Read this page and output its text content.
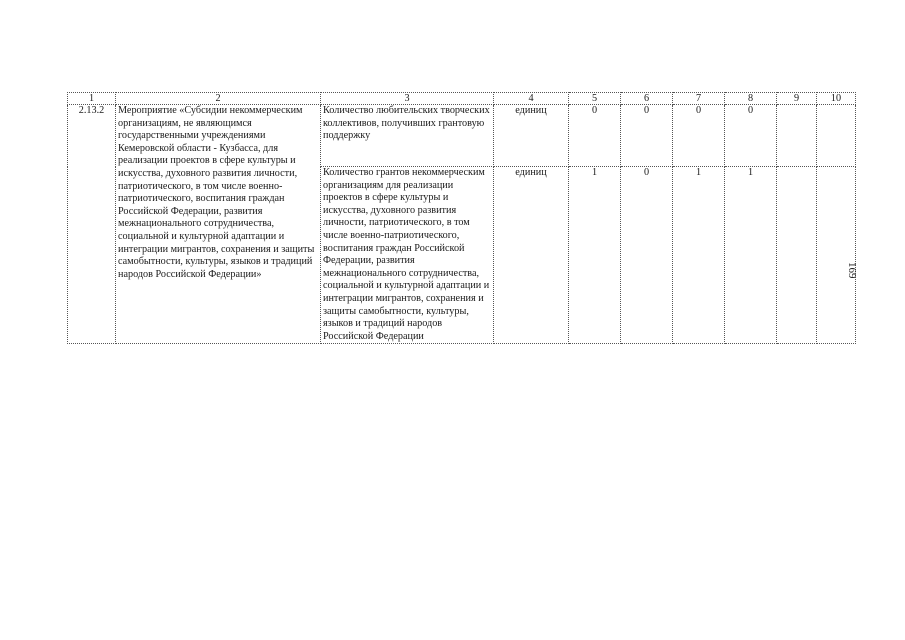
1	2	3	4	5	6	7	8	9	10
2.13.2	Мероприятие «Субсидии некоммерческим организациям, не являющимся государственными учреждениями Кемеровской области - Кузбасса, для реализации проектов в сфере культуры и искусства, духовного развития личности, патриотического, в том числе военно-патриотического, воспитания граждан Российской Федерации, развития межнационального сотрудничества, социальной и культурной адаптации и интеграции мигрантов, сохранения и защиты самобытности, культуры, языков и традиций народов Российской Федерации»	Количество любительских творческих коллективов, получивших грантовую поддержку	единиц	0	0	0	0		
		Количество грантов некоммерческим организациям для реализации проектов в сфере культуры и искусства, духовного развития личности, патриотического, в том числе военно-патриотического, воспитания граждан Российской Федерации, развития межнационального сотрудничества, социальной и культурной адаптации и интеграции мигрантов, сохранения и защиты самобытности, культуры, языков и традиций народов Российской Федерации	единиц	1	0	1	1		
169
